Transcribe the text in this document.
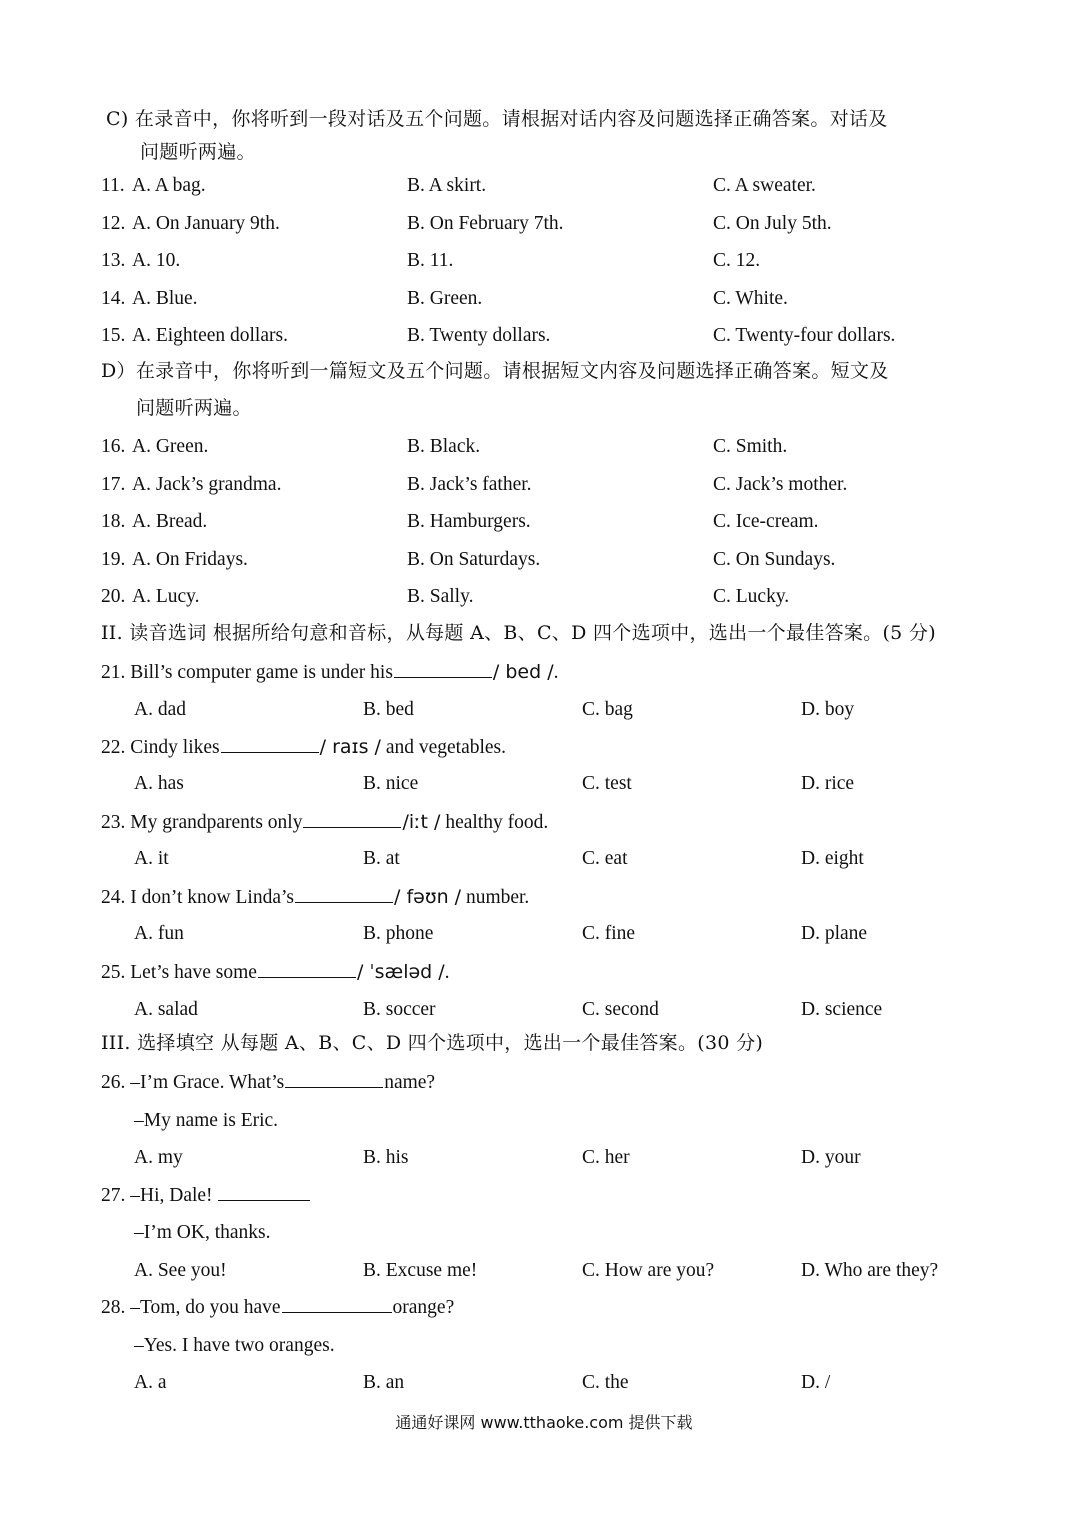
C) 在录音中，你将听到一段对话及五个问题。请根据对话内容及问题选择正确答案。对话及
问题听两遍。
11. A. A bag.	B. A skirt.	C. A sweater.
12. A. On January 9th.	B. On February 7th.	C. On July 5th.
13. A. 10.	B. 11.	C. 12.
14. A. Blue.	B. Green.	C. White.
15. A. Eighteen dollars.	B. Twenty dollars.	C. Twenty-four dollars.
D）在录音中，你将听到一篇短文及五个问题。请根据短文内容及问题选择正确答案。短文及
问题听两遍。
16. A. Green.	B. Black.	C. Smith.
17. A. Jack’s grandma.	B. Jack’s father.	C. Jack’s mother.
18. A. Bread.	B. Hamburgers.	C. Ice-cream.
19. A. On Fridays.	B. On Saturdays.	C. On Sundays.
20. A. Lucy.	B. Sally.	C. Lucky.
II. 读音选词 根据所给句意和音标，从每题 A、B、C、D 四个选项中，选出一个最佳答案。(5 分)
21. Bill’s computer game is under his	/ bed /.
A. dad	B. bed	C. bag	D. boy
22. Cindy likes	/ raɪs / and vegetables.
A. has	B. nice	C. test	D. rice
23. My grandparents only	/iːt / healthy food.
A. it	B. at	C. eat	D. eight
24. I don’t know Linda’s	/ fəʊn / number.
A. fun	B. phone	C. fine	D. plane
25. Let’s have some	/ ˈsæləd /.
A. salad	B. soccer	C. second	D. science
III. 选择填空 从每题 A、B、C、D 四个选项中，选出一个最佳答案。(30 分)
26. –I’m Grace. What’s	name?
–My name is Eric.
A. my	B. his	C. her	D. your
27. –Hi, Dale!
–I’m OK, thanks.
A. See you!	B. Excuse me!	C. How are you?	D. Who are they?
28. –Tom, do you have	orange?
–Yes. I have two oranges.
A. a	B. an	C. the	D. /
通通好课网 www.tthaoke.com 提供下载
